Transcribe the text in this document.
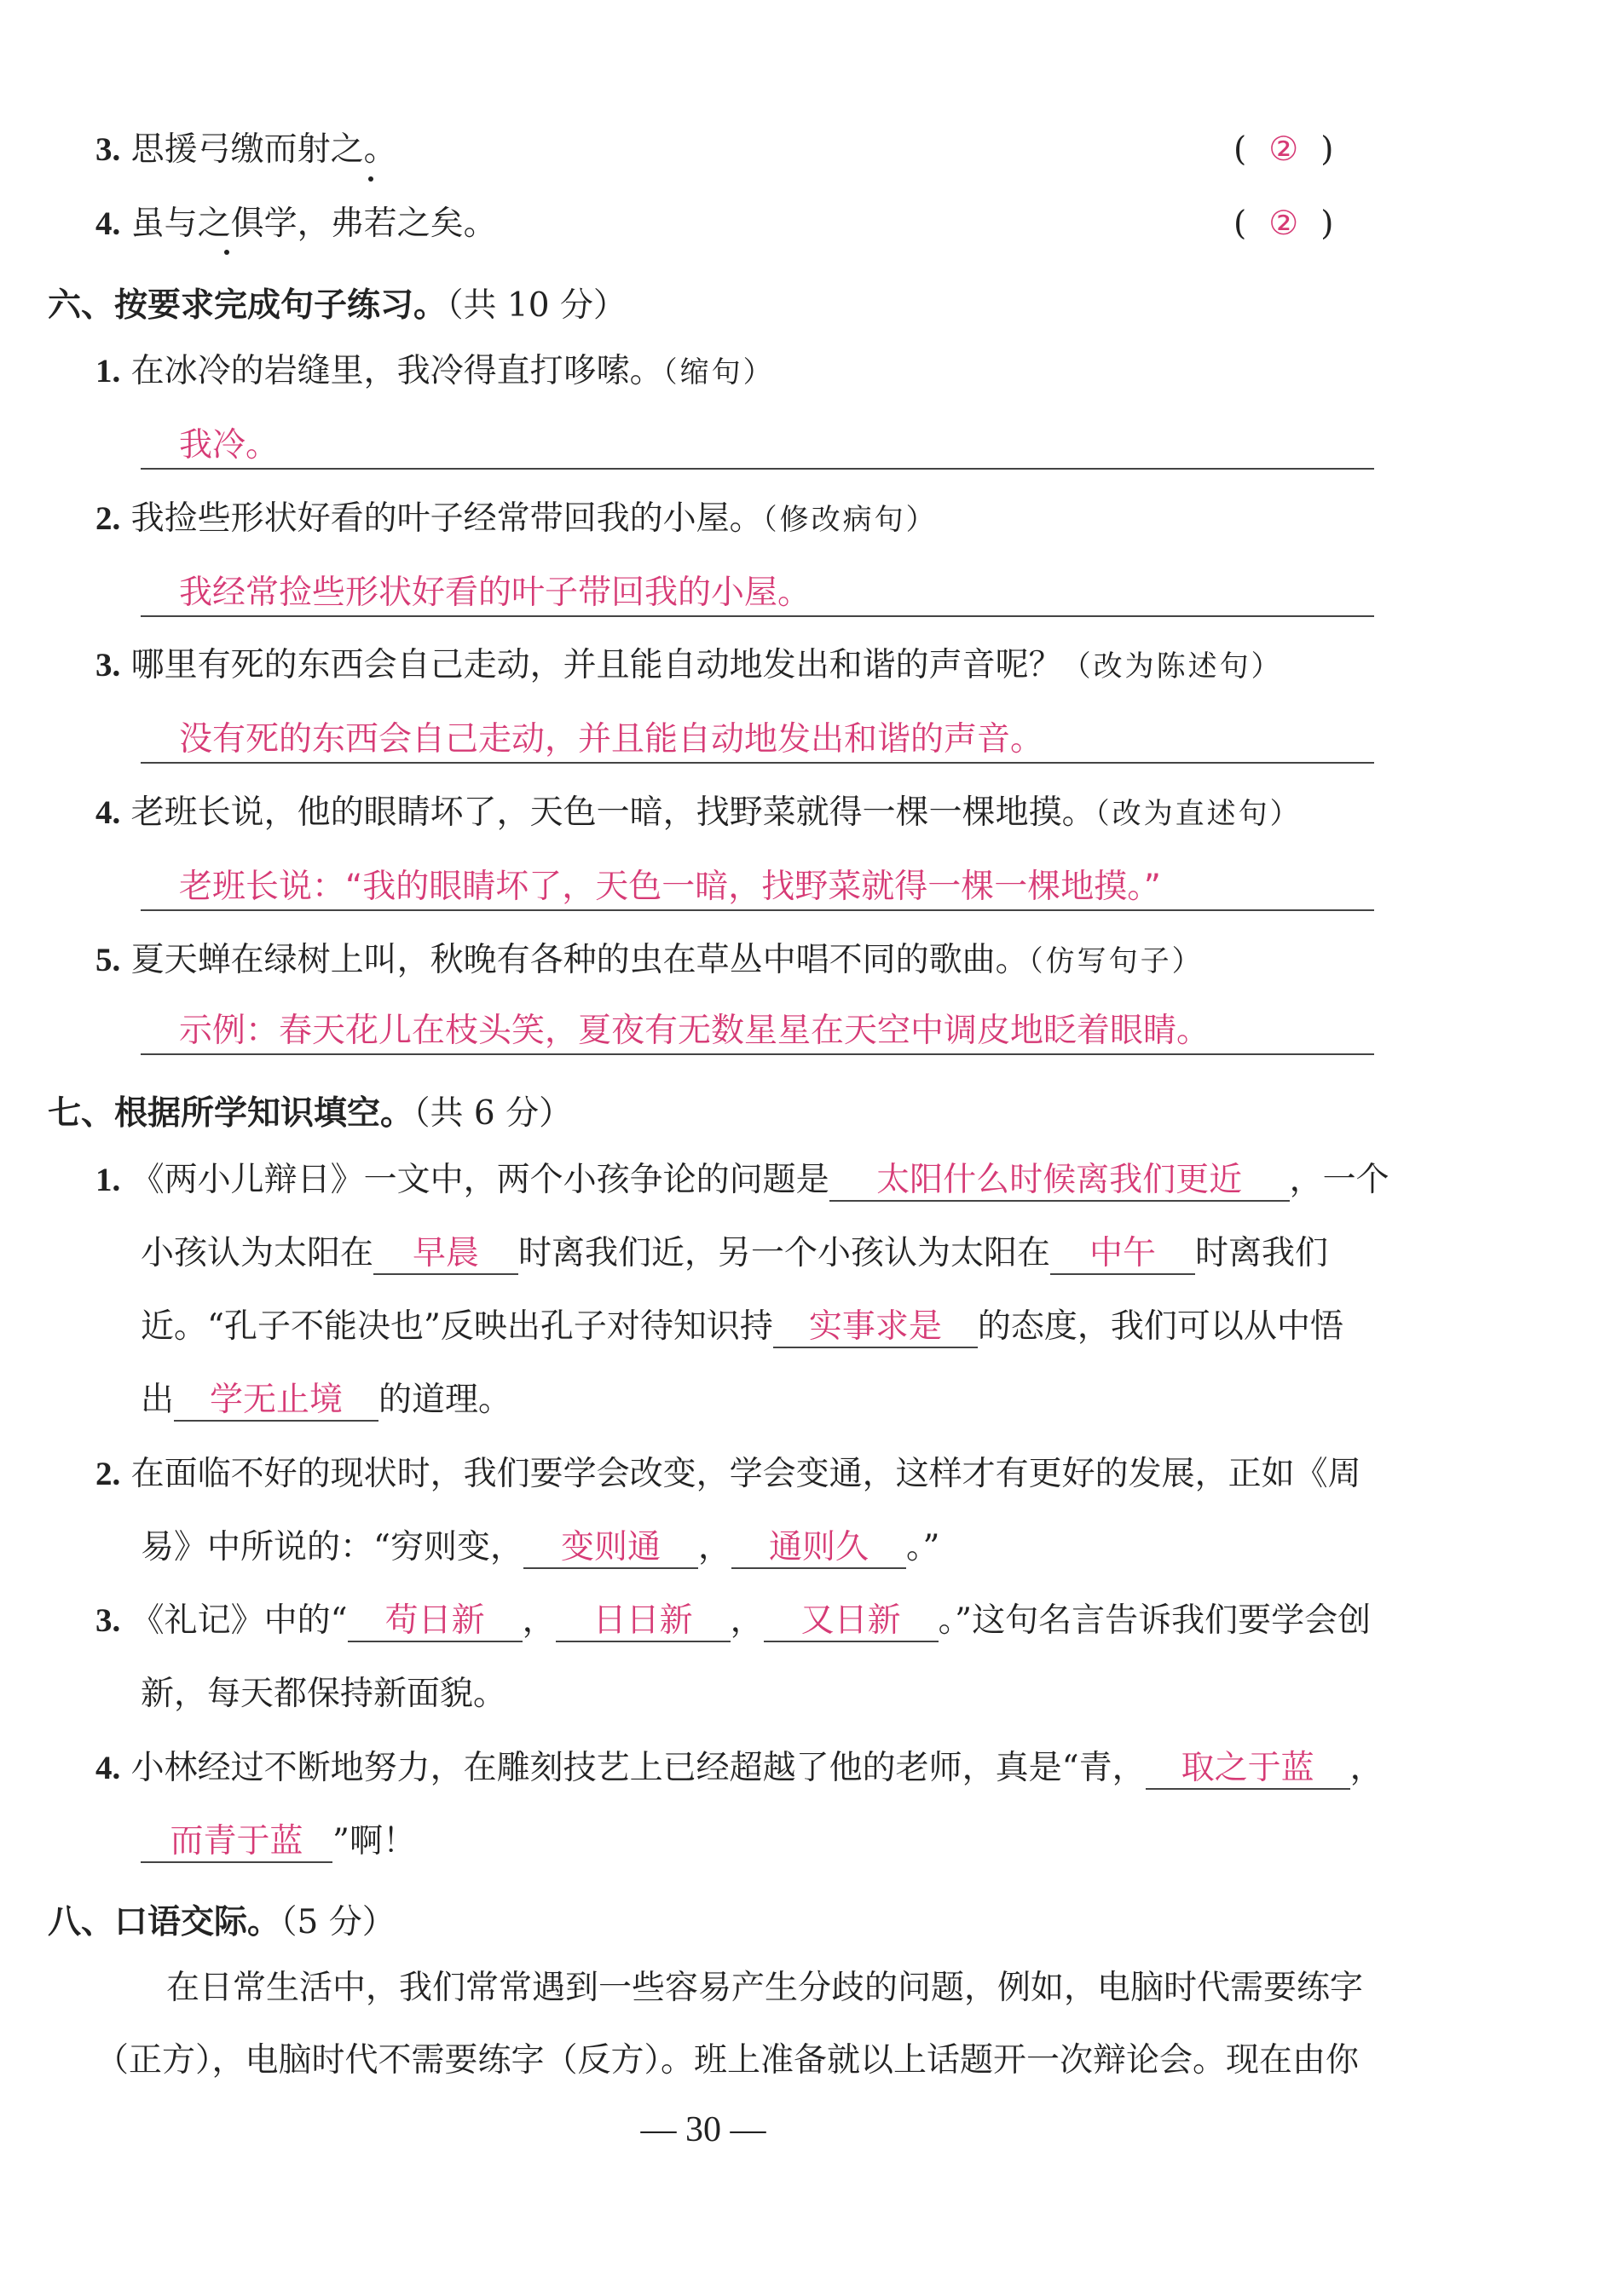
3. 思援弓缴而射之。	( ② )
4. 虽与之俱学，弗若之矣。	( ② )
六、按要求完成句子练习。（共 10 分）
1. 在冰冷的岩缝里，我冷得直打哆嗦。（缩句）
我冷。
2. 我捡些形状好看的叶子经常带回我的小屋。（修改病句）
我经常捡些形状好看的叶子带回我的小屋。
3. 哪里有死的东西会自己走动，并且能自动地发出和谐的声音呢？（改为陈述句）
没有死的东西会自己走动，并且能自动地发出和谐的声音。
4. 老班长说，他的眼睛坏了，天色一暗，找野菜就得一棵一棵地摸。（改为直述句）
老班长说：“我的眼睛坏了，天色一暗，找野菜就得一棵一棵地摸。”
5. 夏天蝉在绿树上叫，秋晚有各种的虫在草丛中唱不同的歌曲。（仿写句子）
示例：春天花儿在枝头笑，夏夜有无数星星在天空中调皮地眨着眼睛。
七、根据所学知识填空。（共 6 分）
1. 《两小儿辩日》一文中，两个小孩争论的问题是 太阳什么时候离我们更近 ，一个
小孩认为太阳在 早晨 时离我们近，另一个小孩认为太阳在 中午 时离我们
近。“孔子不能决也”反映出孔子对待知识持 实事求是 的态度，我们可以从中悟
出 学无止境 的道理。
2. 在面临不好的现状时，我们要学会改变，学会变通，这样才有更好的发展，正如《周
易》中所说的：“穷则变， 变则通 ， 通则久 。”
3. 《礼记》中的“ 苟日新 ， 日日新 ， 又日新 。”这句名言告诉我们要学会创
新，每天都保持新面貌。
4. 小林经过不断地努力，在雕刻技艺上已经超越了他的老师，真是“青， 取之于蓝 ，
而青于蓝 ”啊！
八、口语交际。（5 分）
在日常生活中，我们常常遇到一些容易产生分歧的问题，例如，电脑时代需要练字
（正方），电脑时代不需要练字（反方）。班上准备就以上话题开一次辩论会。现在由你
— 30 —
